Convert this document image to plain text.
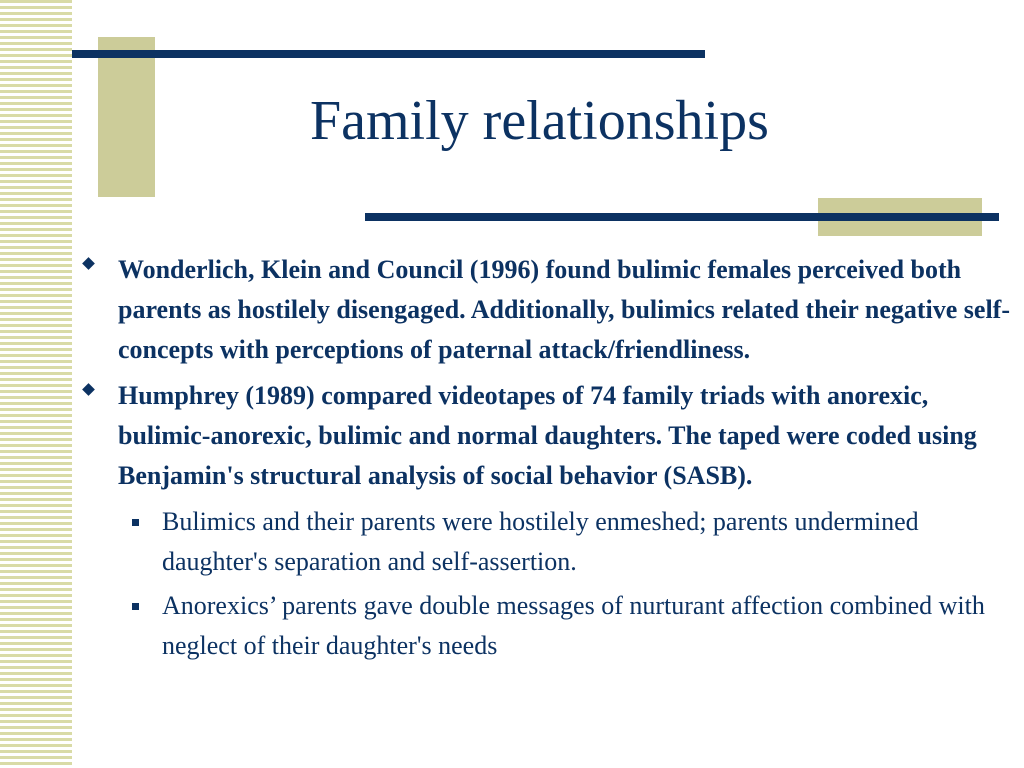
Family relationships
Wonderlich, Klein and Council (1996) found bulimic females perceived both parents as hostilely disengaged. Additionally, bulimics related their negative self-concepts with perceptions of paternal attack/friendliness.
Humphrey (1989) compared videotapes of 74 family triads with anorexic, bulimic-anorexic, bulimic and normal daughters. The taped were coded using Benjamin's structural analysis of social behavior (SASB).
Bulimics and their parents were hostilely enmeshed; parents undermined daughter's separation and self-assertion.
Anorexics’ parents gave double messages of nurturant affection combined with neglect of their daughter's needs
